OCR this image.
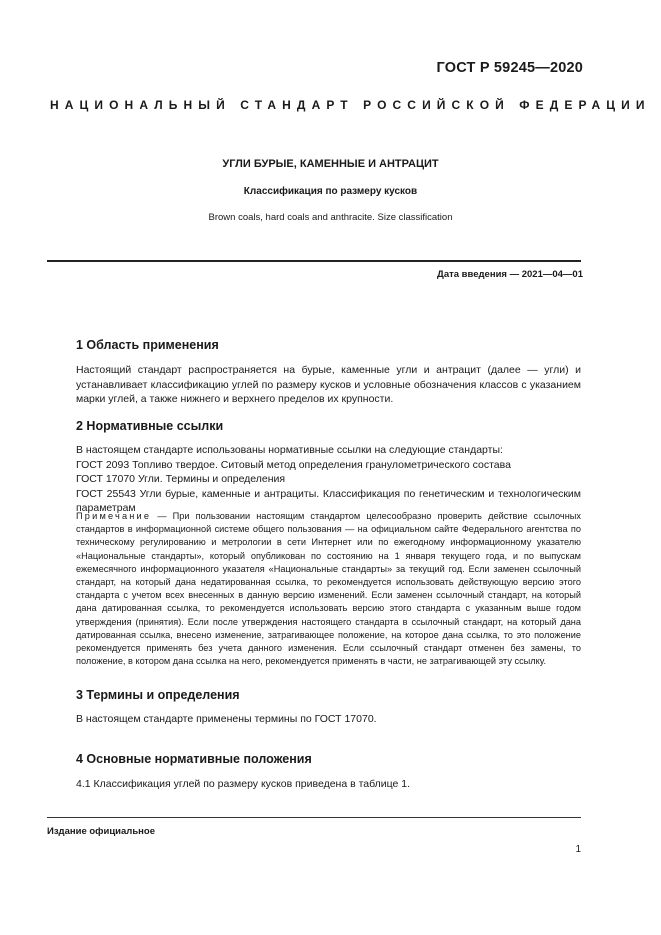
ГОСТ Р 59245—2020
НАЦИОНАЛЬНЫЙ СТАНДАРТ РОССИЙСКОЙ ФЕДЕРАЦИИ
УГЛИ БУРЫЕ, КАМЕННЫЕ И АНТРАЦИТ
Классификация по размеру кусков
Brown coals, hard coals and anthracite. Size classification
Дата введения — 2021—04—01
1 Область применения

Настоящий стандарт распространяется на бурые, каменные угли и антрацит (далее — угли) и устанавливает классификацию углей по размеру кусков и условные обозначения классов с указанием марки углей, а также нижнего и верхнего пределов их крупности.

2 Нормативные ссылки

В настоящем стандарте использованы нормативные ссылки на следующие стандарты:

ГОСТ 2093 Топливо твердое. Ситовый метод определения гранулометрического состава

ГОСТ 17070 Угли. Термины и определения

ГОСТ 25543 Угли бурые, каменные и антрациты. Классификация по генетическим и технологическим параметрам

Примечание — При пользовании настоящим стандартом целесообразно проверить действие ссылочных стандартов в информационной системе общего пользования — на официальном сайте Федерального агентства по техническому регулированию и метрологии в сети Интернет или по ежегодному информационному указателю «Национальные стандарты», который опубликован по состоянию на 1 января текущего года, и по выпускам ежемесячного информационного указателя «Национальные стандарты» за текущий год. Если заменен ссылочный стандарт, на который дана недатированная ссылка, то рекомендуется использовать действующую версию этого стандарта с учетом всех внесенных в данную версию изменений. Если заменен ссылочный стандарт, на который дана датированная ссылка, то рекомендуется использовать версию этого стандарта с указанным выше годом утверждения (принятия). Если после утверждения настоящего стандарта в ссылочный стандарт, на который дана датированная ссылка, внесено изменение, затрагивающее положение, на которое дана ссылка, то это положение рекомендуется применять без учета данного изменения. Если ссылочный стандарт отменен без замены, то положение, в котором дана ссылка на него, рекомендуется применять в части, не затрагивающей эту ссылку.
3 Термины и определения
В настоящем стандарте применены термины по ГОСТ 17070.
4 Основные нормативные положения
4.1 Классификация углей по размеру кусков приведена в таблице 1.
Издание официальное
1
